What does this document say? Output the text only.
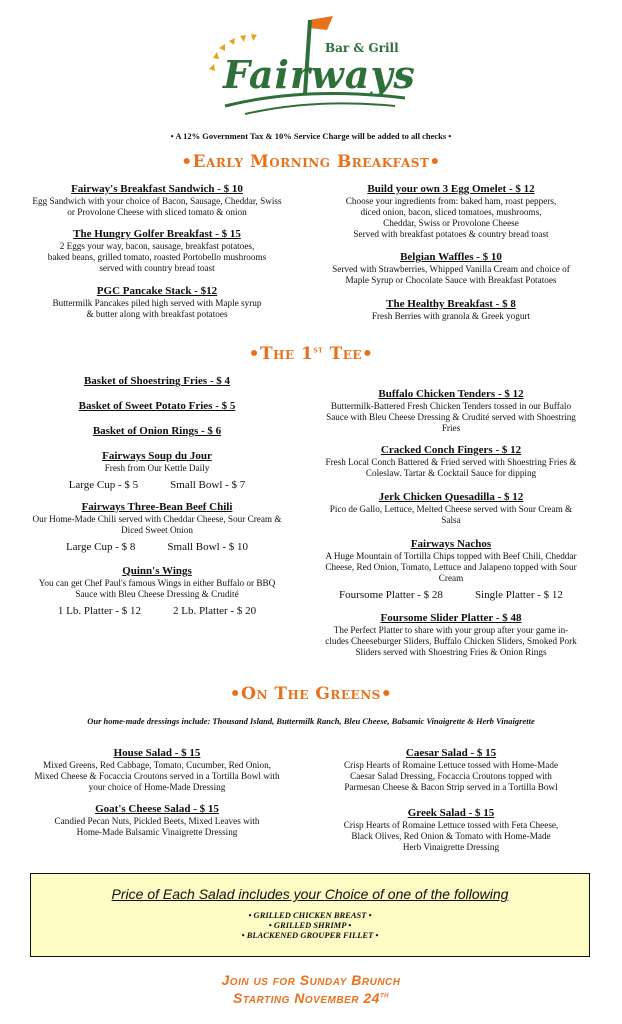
Bar & Grill
Fairways
• A 12% Government Tax & 10% Service Charge will be added to all checks •
•Early Morning Breakfast•
Fairway's Breakfast Sandwich - $ 10
Egg Sandwich with your choice of Bacon, Sausage, Cheddar, Swiss
or Provolone Cheese with sliced tomato & onion
The Hungry Golfer Breakfast - $ 15
2 Eggs your way, bacon, sausage, breakfast potatoes,
baked beans, grilled tomato, roasted Portobello mushrooms
served with country bread toast
PGC Pancake Stack - $12
Buttermilk Pancakes piled high served with Maple syrup
& butter along with breakfast potatoes
Build your own 3 Egg Omelet - $ 12
Choose your ingredients from: baked ham, roast peppers,
diced onion, bacon, sliced tomatoes, mushrooms,
Cheddar, Swiss or Provolone Cheese
Served with breakfast potatoes & country bread toast
Belgian Waffles - $ 10
Served with Strawberries, Whipped Vanilla Cream and choice of
Maple Syrup or Chocolate Sauce with Breakfast Potatoes
The Healthy Breakfast - $ 8
Fresh Berries with granola & Greek yogurt
•The 1st Tee•
Basket of Shoestring Fries - $ 4
Basket of Sweet Potato Fries - $ 5
Basket of Onion Rings - $ 6
Fairways Soup du Jour
Fresh from Our Kettle Daily
Large Cup - $ 5	Small Bowl - $ 7
Fairways Three-Bean Beef Chili
Our Home-Made Chili served with Cheddar Cheese, Sour Cream &
Diced Sweet Onion
Large Cup - $ 8	Small Bowl - $ 10
Quinn's Wings
You can get Chef Paul's famous Wings in either Buffalo or BBQ
Sauce with Bleu Cheese Dressing & Crudité
1 Lb. Platter - $ 12	2 Lb. Platter - $ 20
Buffalo Chicken Tenders - $ 12
Buttermilk-Battered Fresh Chicken Tenders tossed in our Buffalo
Sauce with Bleu Cheese Dressing & Crudité served with Shoestring
Fries
Cracked Conch Fingers - $ 12
Fresh Local Conch Battered & Fried served with Shoestring Fries &
Coleslaw. Tartar & Cocktail Sauce for dipping
Jerk Chicken Quesadilla - $ 12
Pico de Gallo, Lettuce, Melted Cheese served with Sour Cream &
Salsa
Fairways Nachos
A Huge Mountain of Tortilla Chips topped with Beef Chili, Cheddar
Cheese, Red Onion, Tomato, Lettuce and Jalapeno topped with Sour
Cream
Foursome Platter - $ 28	Single Platter - $ 12
Foursome Slider Platter - $ 48
The Perfect Platter to share with your group after your game in-
cludes Cheeseburger Sliders, Buffalo Chicken Sliders, Smoked Pork
Sliders served with Shoestring Fries & Onion Rings
•On The Greens•
Our home-made dressings include: Thousand Island, Buttermilk Ranch, Bleu Cheese, Balsamic Vinaigrette & Herb Vinaigrette
House Salad - $ 15
Mixed Greens, Red Cabbage, Tomato, Cucumber, Red Onion,
Mixed Cheese & Focaccia Croutons served in a Tortilla Bowl with
your choice of Home-Made Dressing
Goat's Cheese Salad - $ 15
Candied Pecan Nuts, Pickled Beets, Mixed Leaves with
Home-Made Balsamic Vinaigrette Dressing
Caesar Salad - $ 15
Crisp Hearts of Romaine Lettuce tossed with Home-Made
Caesar Salad Dressing, Focaccia Croutons topped with
Parmesan Cheese & Bacon Strip served in a Tortilla Bowl
Greek Salad - $ 15
Crisp Hearts of Romaine Lettuce tossed with Feta Cheese,
Black Olives, Red Onion & Tomato with Home-Made
Herb Vinaigrette Dressing
Price of Each Salad includes your Choice of one of the following
• GRILLED CHICKEN BREAST •
• GRILLED SHRIMP •
• BLACKENED GROUPER FILLET •
Join us for Sunday Brunch
Starting November 24th
